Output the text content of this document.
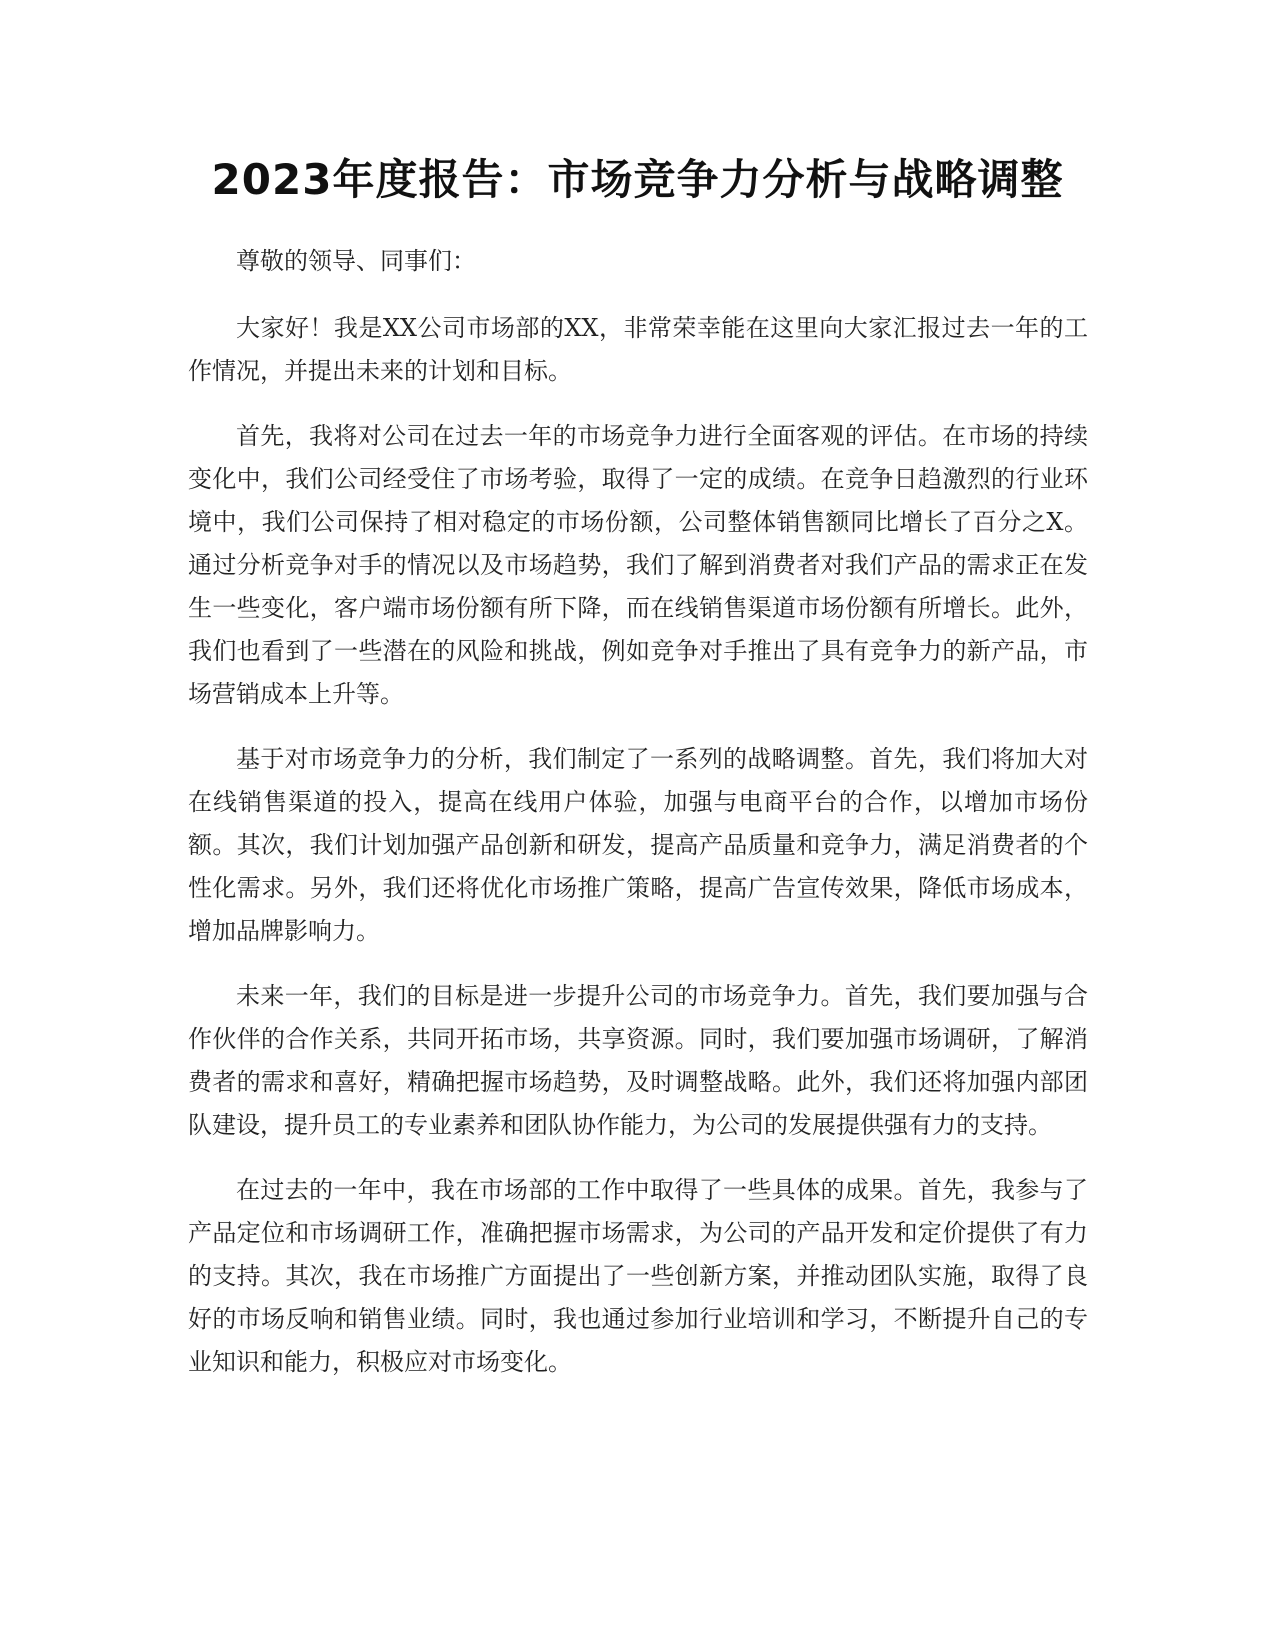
2023年度报告：市场竞争力分析与战略调整

尊敬的领导、同事们：

大家好！我是XX公司市场部的XX，非常荣幸能在这里向大家汇报过去一年的工作情况，并提出未来的计划和目标。

首先，我将对公司在过去一年的市场竞争力进行全面客观的评估。在市场的持续变化中，我们公司经受住了市场考验，取得了一定的成绩。在竞争日趋激烈的行业环境中，我们公司保持了相对稳定的市场份额，公司整体销售额同比增长了百分之X。通过分析竞争对手的情况以及市场趋势，我们了解到消费者对我们产品的需求正在发生一些变化，客户端市场份额有所下降，而在线销售渠道市场份额有所增长。此外，我们也看到了一些潜在的风险和挑战，例如竞争对手推出了具有竞争力的新产品，市场营销成本上升等。

基于对市场竞争力的分析，我们制定了一系列的战略调整。首先，我们将加大对在线销售渠道的投入，提高在线用户体验，加强与电商平台的合作，以增加市场份额。其次，我们计划加强产品创新和研发，提高产品质量和竞争力，满足消费者的个性化需求。另外，我们还将优化市场推广策略，提高广告宣传效果，降低市场成本，增加品牌影响力。

未来一年，我们的目标是进一步提升公司的市场竞争力。首先，我们要加强与合作伙伴的合作关系，共同开拓市场，共享资源。同时，我们要加强市场调研，了解消费者的需求和喜好，精确把握市场趋势，及时调整战略。此外，我们还将加强内部团队建设，提升员工的专业素养和团队协作能力，为公司的发展提供强有力的支持。

在过去的一年中，我在市场部的工作中取得了一些具体的成果。首先，我参与了产品定位和市场调研工作，准确把握市场需求，为公司的产品开发和定价提供了有力的支持。其次，我在市场推广方面提出了一些创新方案，并推动团队实施，取得了良好的市场反响和销售业绩。同时，我也通过参加行业培训和学习，不断提升自己的专业知识和能力，积极应对市场变化。
